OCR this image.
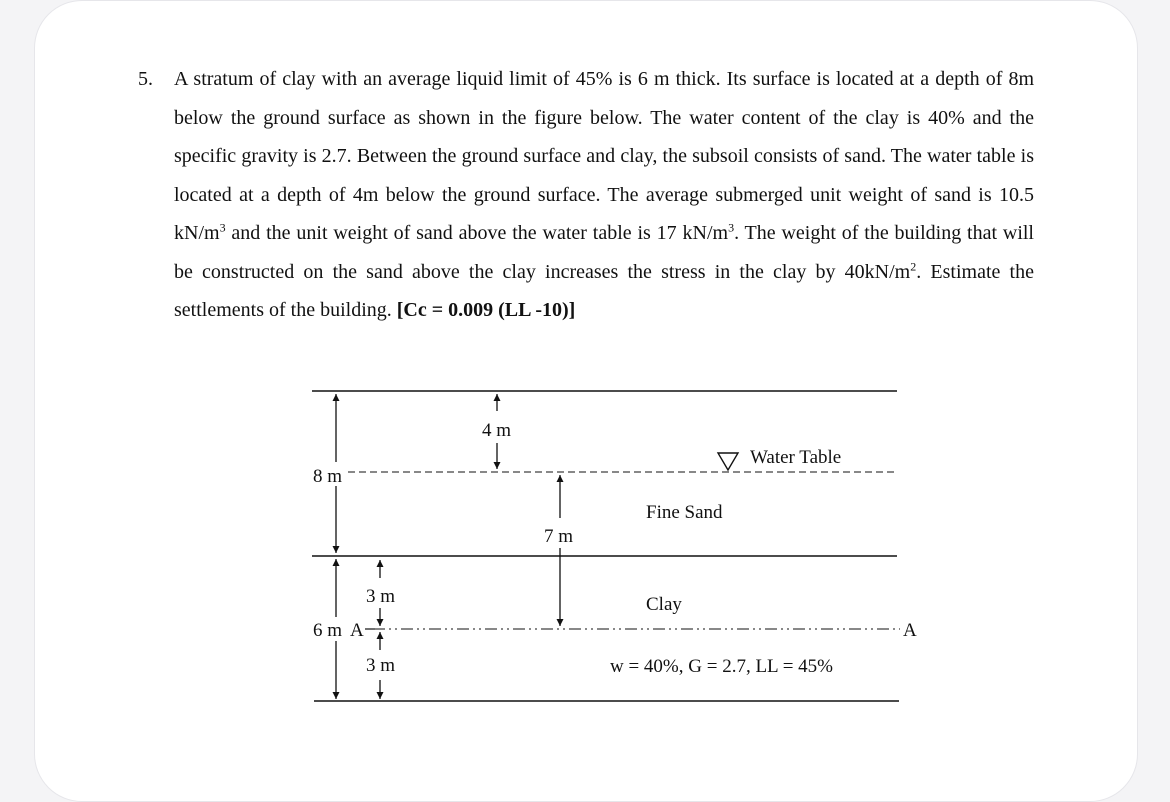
5. A stratum of clay with an average liquid limit of 45% is 6 m thick. Its surface is located at a depth of 8m below the ground surface as shown in the figure below. The water content of the clay is 40% and the specific gravity is 2.7. Between the ground surface and clay, the subsoil consists of sand. The water table is located at a depth of 4m below the ground surface. The average submerged unit weight of sand is 10.5 $kN/m^3$ and the unit weight of sand above the water table is 17 $kN/m^3$. The weight of the building that will be constructed on the sand above the clay increases the stress in the clay by $40kN/m^2$. Estimate the settlements of the building. [Cc = 0.009 (LL -10)]
8 m
6 m A
4 m
7 m
3 m
3 m
Water Table
Fine Sand
Clay
w = 40%, G = 2.7, LL = 45%
A
